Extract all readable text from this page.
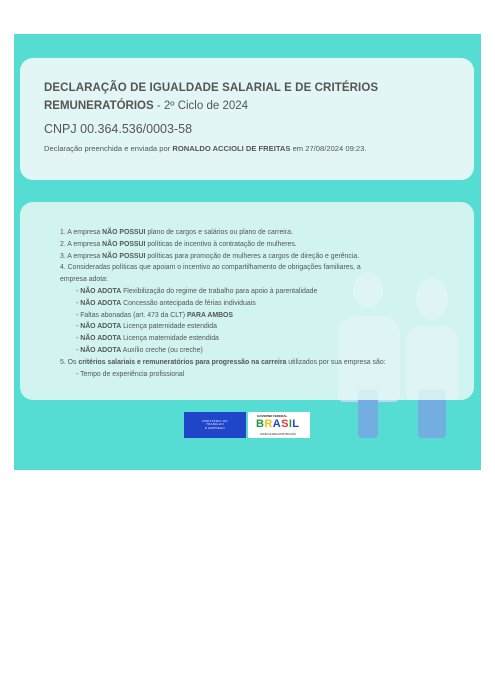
DECLARAÇÃO DE IGUALDADE SALARIAL E DE CRITÉRIOS
REMUNERATÓRIOS - 2º Ciclo de 2024
CNPJ 00.364.536/0003-58
Declaração preenchida e enviada por RONALDO ACCIOLI DE FREITAS em 27/08/2024 09:23.
1. A empresa NÃO POSSUI plano de cargos e salários ou plano de carreira.
2. A empresa NÃO POSSUI políticas de incentivo à contratação de mulheres.
3. A empresa NÃO POSSUI políticas para promoção de mulheres a cargos de direção e gerência.
4. Consideradas políticas que apoiam o incentivo ao compartilhamento de obrigações familiares, a
empresa adota:
- NÃO ADOTA Flexibilização do regime de trabalho para apoio à parentalidade
- NÃO ADOTA Concessão antecipada de férias individuais
- Faltas abonadas (art. 473 da CLT) PARA AMBOS
- NÃO ADOTA Licença paternidade estendida
- NÃO ADOTA Licença maternidade estendida
- NÃO ADOTA Auxílio creche (ou creche)
5. Os critérios salariais e remuneratórios para progressão na carreira utilizados por sua empresa são:
- Tempo de experiência profissional
MINISTÉRIO DO
TRABALHO
E EMPREGO
GOVERNO FEDERAL
BRASIL
UNIÃO E RECONSTRUÇÃO
